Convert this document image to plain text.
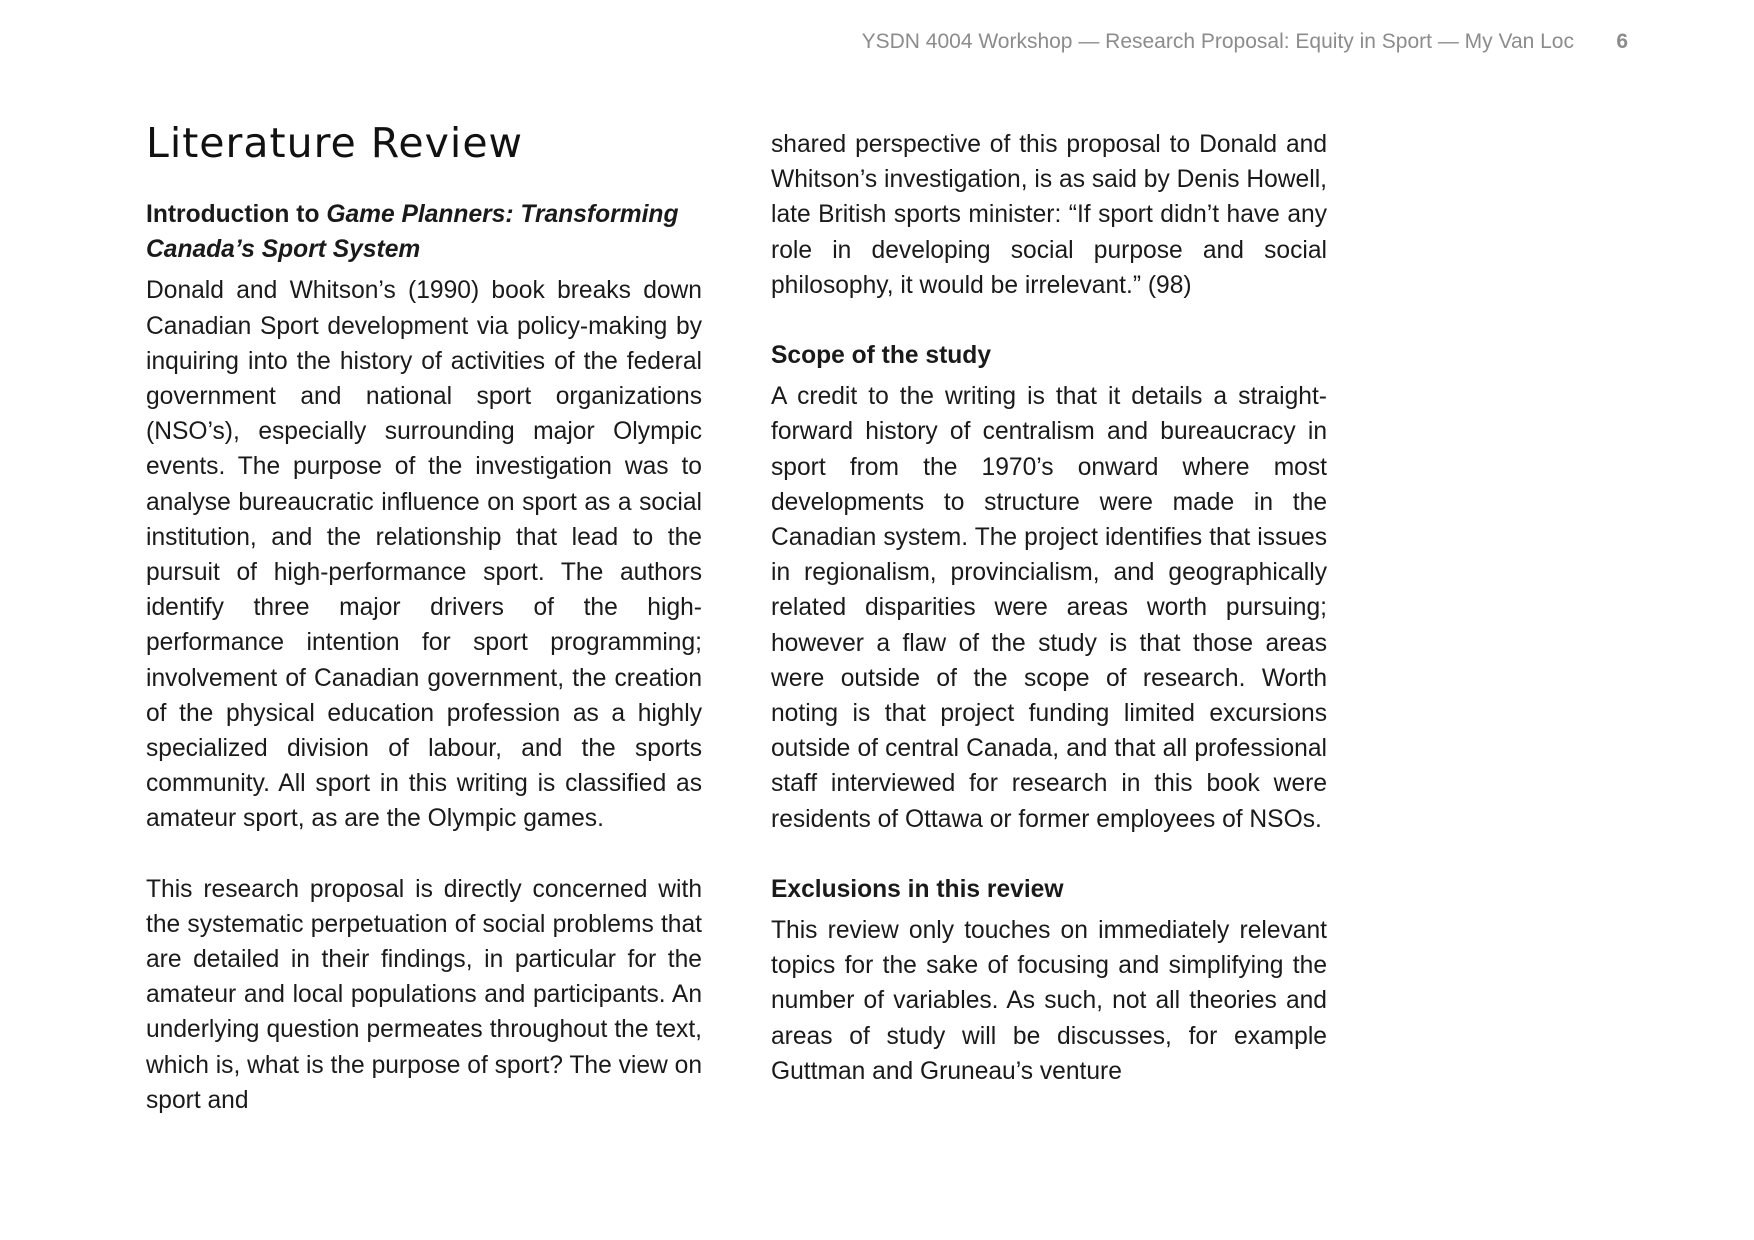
YSDN 4004 Workshop — Research Proposal: Equity in Sport — My Van Loc 6
Literature Review
Introduction to Game Planners: Transforming Canada’s Sport System

Donald and Whitson’s (1990) book breaks down Canadian Sport development via policy-making by inquiring into the history of activities of the federal government and national sport organizations (NSO’s), especially surrounding major Olympic events. The purpose of the investigation was to analyse bureaucratic influence on sport as a social institution, and the relationship that lead to the pursuit of high-performance sport. The authors identify three major drivers of the high-performance intention for sport programming; involvement of Canadian government, the creation of the physical education profession as a highly specialized division of labour, and the sports community. All sport in this writing is classified as amateur sport, as are the Olympic games.

This research proposal is directly concerned with the systematic perpetuation of social problems that are detailed in their findings, in particular for the amateur and local populations and participants. An underlying question permeates throughout the text, which is, what is the purpose of sport? The view on sport and

shared perspective of this proposal to Donald and Whitson’s investigation, is as said by Denis Howell, late British sports minister: “If sport didn’t have any role in developing social purpose and social philosophy, it would be irrelevant.” (98)

Scope of the study

A credit to the writing is that it details a straightforward history of centralism and bureaucracy in sport from the 1970’s onward where most developments to structure were made in the Canadian system. The project identifies that issues in regionalism, provincialism, and geographically related disparities were areas worth pursuing; however a flaw of the study is that those areas were outside of the scope of research. Worth noting is that project funding limited excursions outside of central Canada, and that all professional staff interviewed for research in this book were residents of Ottawa or former employees of NSOs.

Exclusions in this review

This review only touches on immediately relevant topics for the sake of focusing and simplifying the number of variables. As such, not all theories and areas of study will be discusses, for example Guttman and Gruneau’s venture
